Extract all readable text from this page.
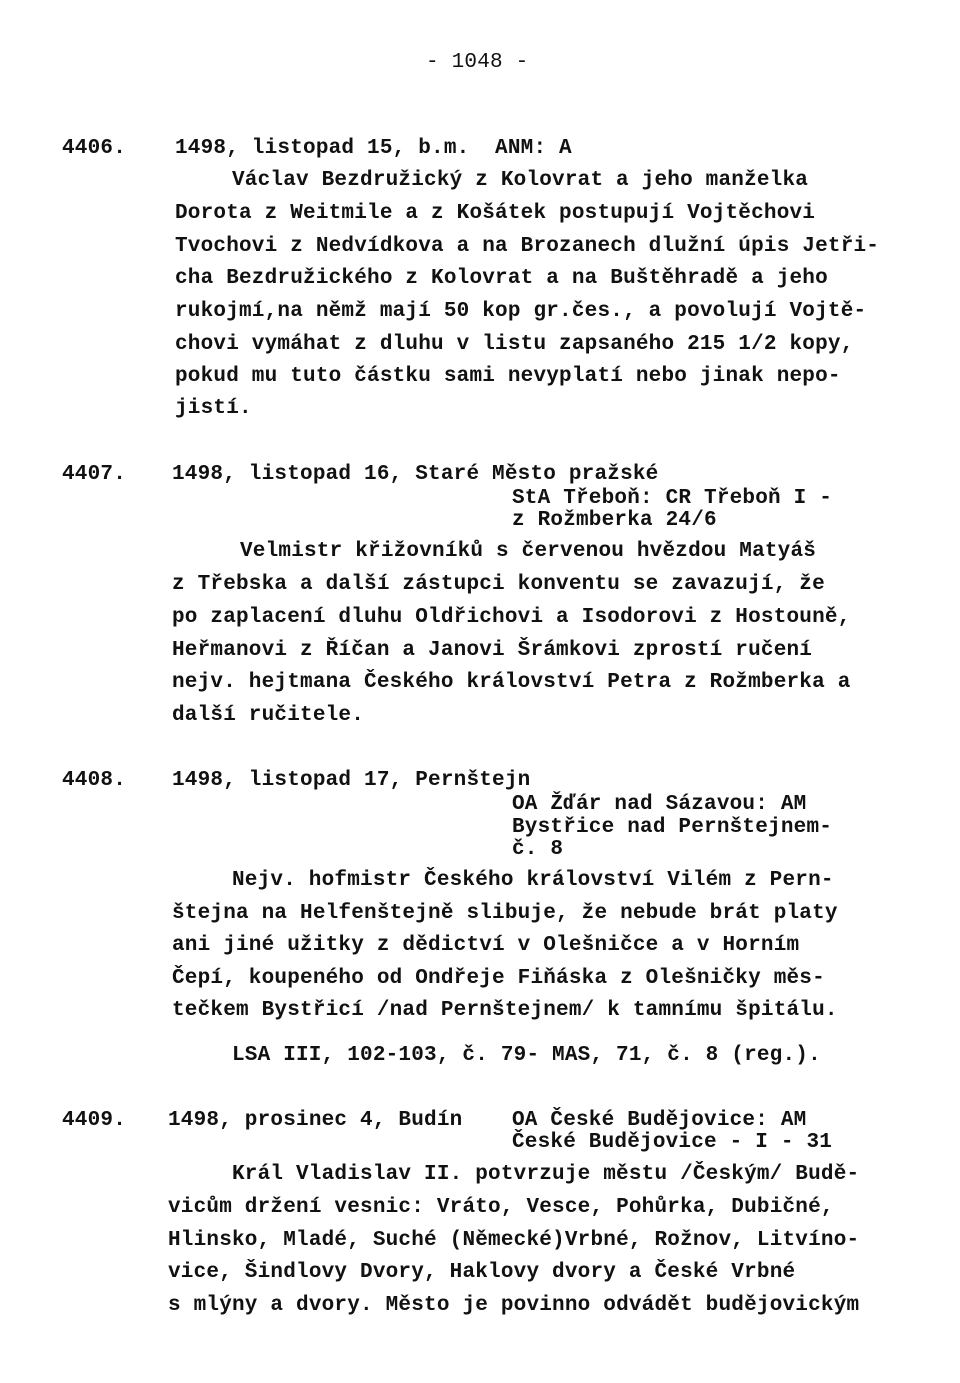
- 1048 -
4406. 1498, listopad 15, b.m.  ANM: A
Václav Bezdružický z Kolovrat a jeho manželka
Dorota z Weitmile a z Košátek postupují Vojtěchovi
Tvochovi z Nedvídkova a na Brozanech dlužní úpis Jetři-
cha Bezdružického z Kolovrat a na Buštěhradě a jeho
rukojmí,na němž mají 50 kop gr.čes., a povolují Vojtě-
chovi vymáhat z dluhu v listu zapsaného 215 1/2 kopy,
pokud mu tuto částku sami nevyplatí nebo jinak nepo-
jistí.
4407. 1498, listopad 16, Staré Město pražské
StA Třeboň: CR Třeboň I -
z Rožmberka 24/6
Velmistr křižovníků s červenou hvězdou Matyáš
z Třebska a další zástupci konventu se zavazují, že
po zaplacení dluhu Oldřichovi a Isodorovi z Hostouně,
Heřmanovi z Říčan a Janovi Šrámkovi zprostí ručení
nejv. hejtmana Českého království Petra z Rožmberka a
další ručitele.
4408. 1498, listopad 17, Pernštejn
OA Žďár nad Sázavou: AM
Bystřice nad Pernštejnem-
č. 8
Nejv. hofmistr Českého království Vilém z Pern-
štejna na Helfenštejně slibuje, že nebude brát platy
ani jiné užitky z dědictví v Olešničce a v Horním
Čepí, koupeného od Ondřeje Fiňáska z Olešničky měs-
tečkem Bystřicí /nad Pernštejnem/ k tamnímu špitálu.
LSA III, 102-103, č. 79- MAS, 71, č. 8 (reg.).
4409. 1498, prosinec 4, Budín OA České Budějovice: AM
České Budějovice - I - 31
Král Vladislav II. potvrzuje městu /Českým/ Budě-
vicům držení vesnic: Vráto, Vesce, Pohůrka, Dubičné,
Hlinsko, Mladé, Suché (Německé)Vrbné, Rožnov, Litvíno-
vice, Šindlovy Dvory, Haklovy dvory a České Vrbné
s mlýny a dvory. Město je povinno odvádět budějovickým
